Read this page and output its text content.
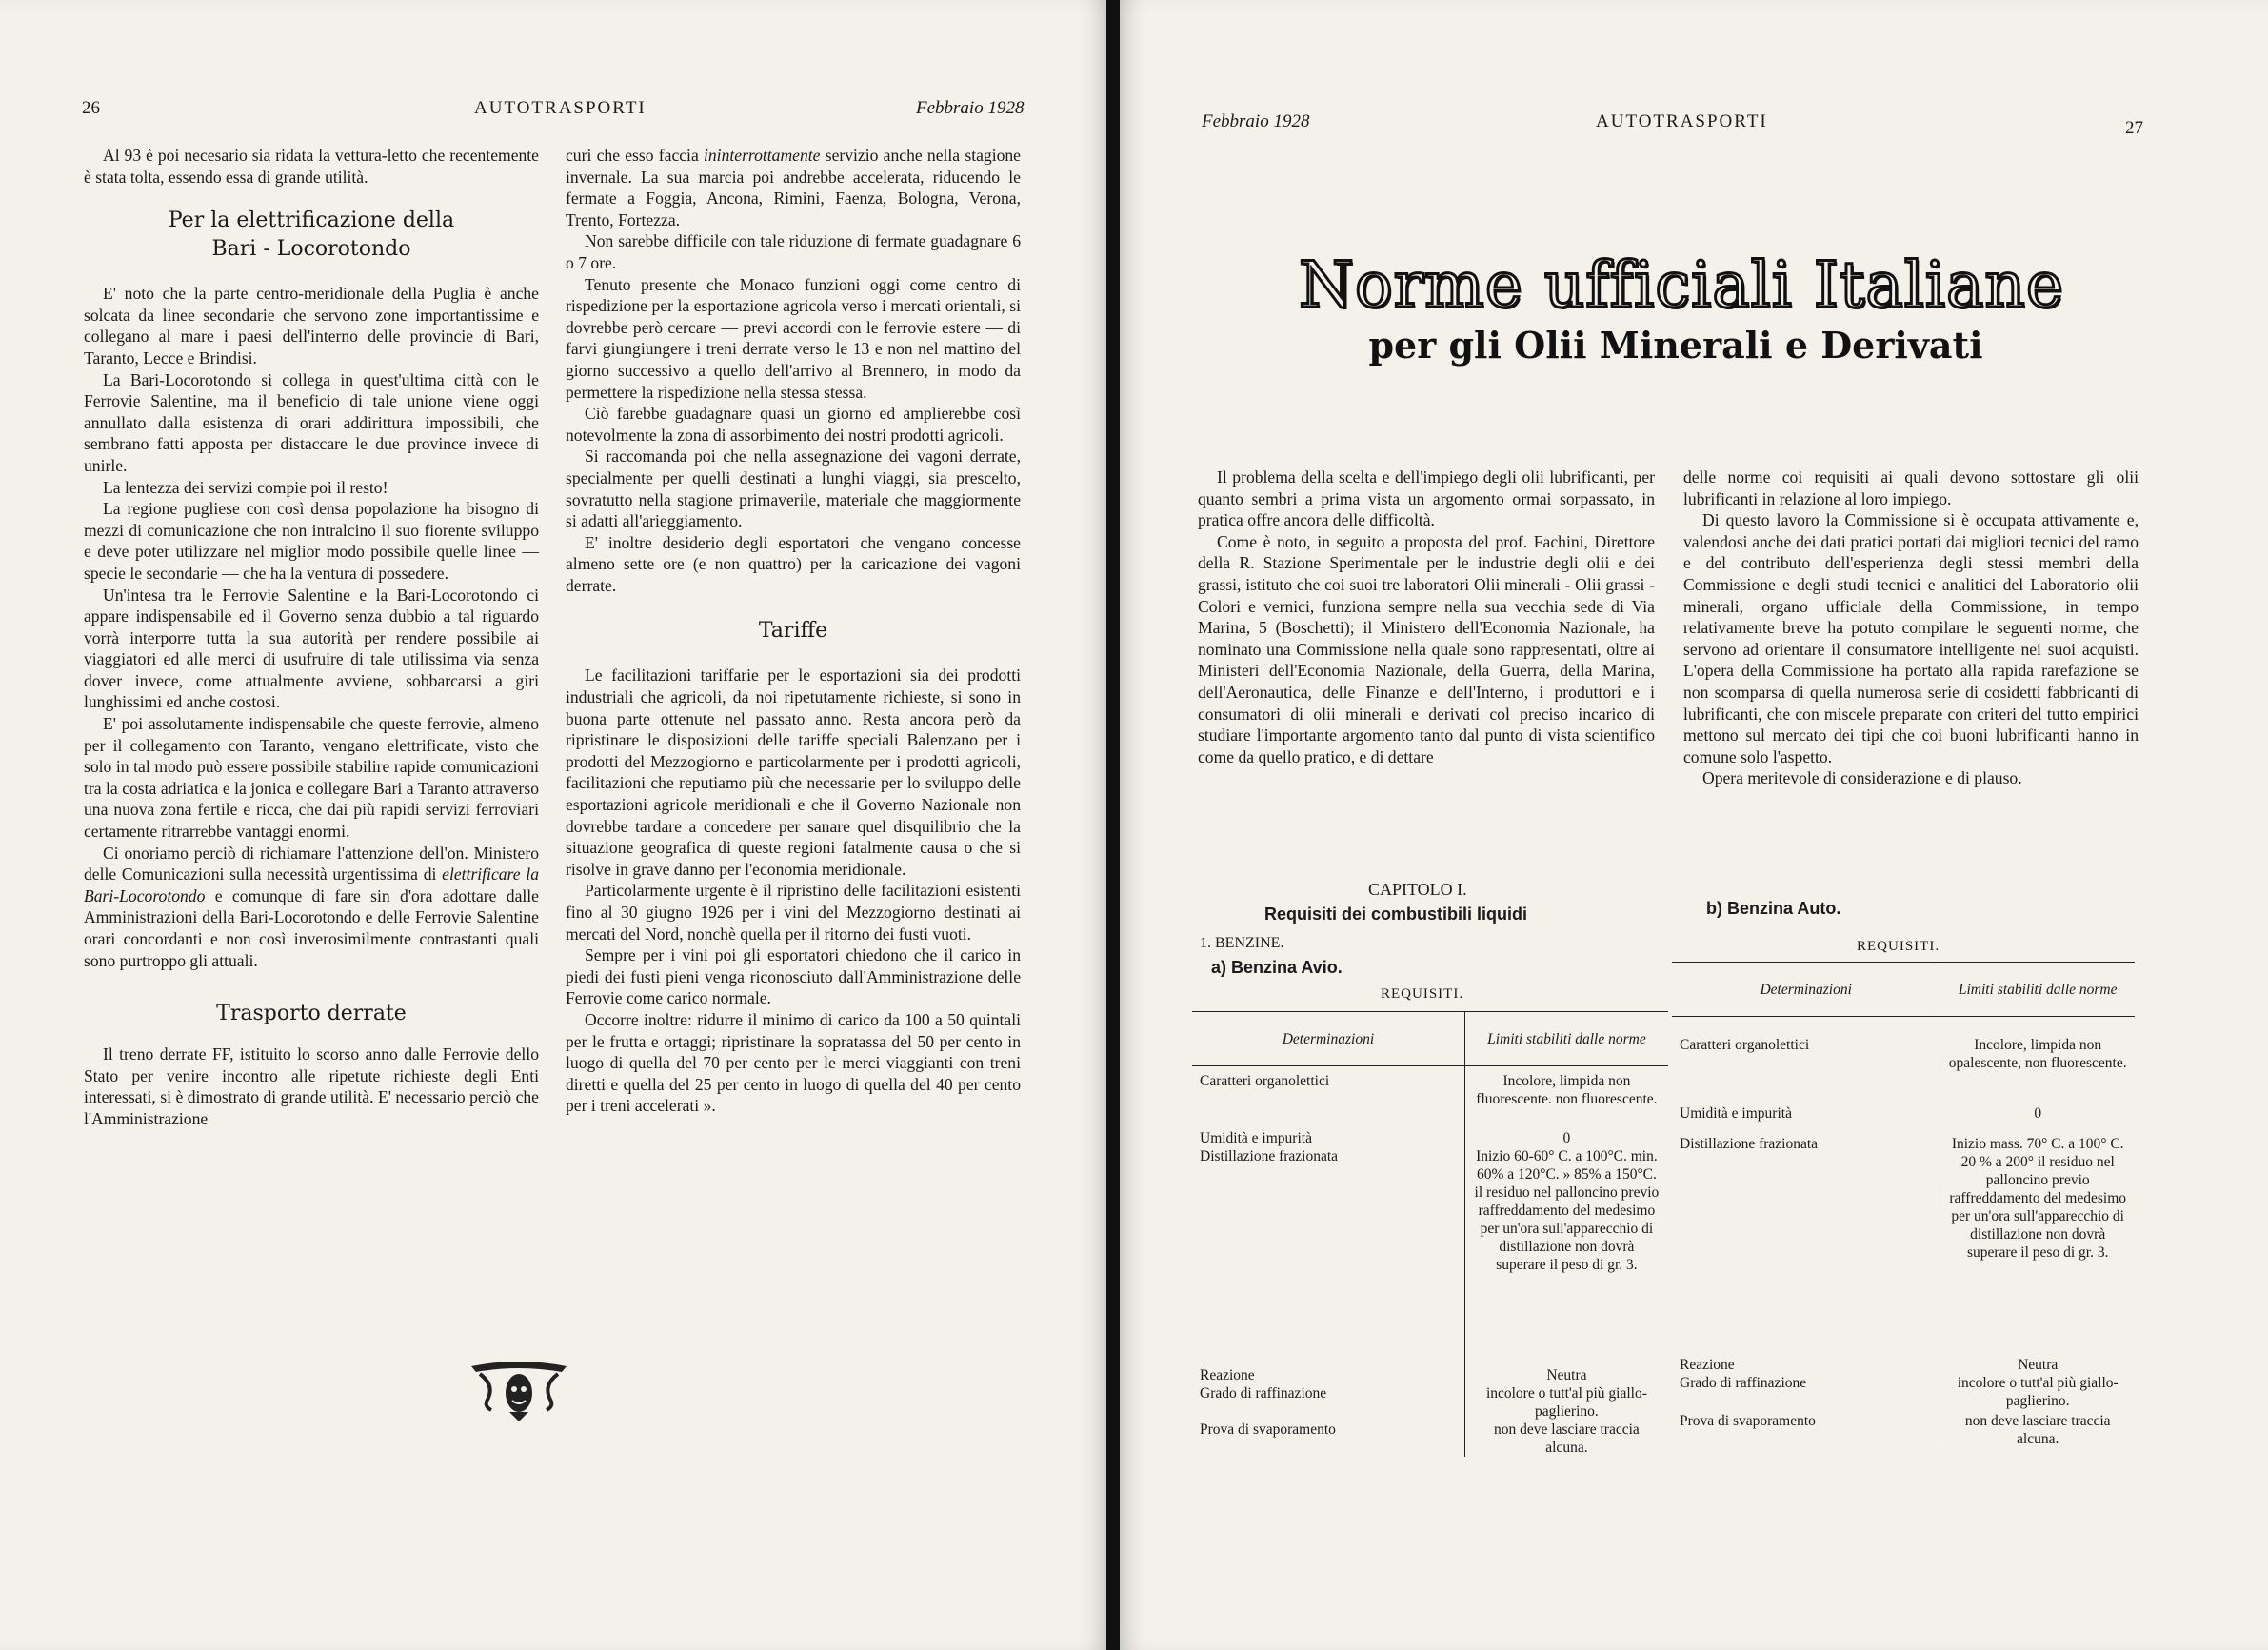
26	AUTOTRASPORTI	Febbraio 1928

Al 93 è poi necesario sia ridata la vettura-letto che recentemente è stata tolta, essendo essa di grande utilità.

Per la elettrificazione della
Bari - Locorotondo

E' noto che la parte centro-meridionale della Puglia è anche solcata da linee secondarie che servono zone importantissime e collegano al mare i paesi dell'interno delle provincie di Bari, Taranto, Lecce e Brindisi.

La Bari-Locorotondo si collega in quest'ultima città con le Ferrovie Salentine, ma il beneficio di tale unione viene oggi annullato dalla esistenza di orari addirittura impossibili, che sembrano fatti apposta per distaccare le due province invece di unirle.

La lentezza dei servizi compie poi il resto!

La regione pugliese con così densa popolazione ha bisogno di mezzi di comunicazione che non intralcino il suo fiorente sviluppo e deve poter utilizzare nel miglior modo possibile quelle linee — specie le secondarie — che ha la ventura di possedere.

Un'intesa tra le Ferrovie Salentine e la Bari-Locorotondo ci appare indispensabile ed il Governo senza dubbio a tal riguardo vorrà interporre tutta la sua autorità per rendere possibile ai viaggiatori ed alle merci di usufruire di tale utilissima via senza dover invece, come attualmente avviene, sobbarcarsi a giri lunghissimi ed anche costosi.

E' poi assolutamente indispensabile che queste ferrovie, almeno per il collegamento con Taranto, vengano elettrificate, visto che solo in tal modo può essere possibile stabilire rapide comunicazioni tra la costa adriatica e la jonica e collegare Bari a Taranto attraverso una nuova zona fertile e ricca, che dai più rapidi servizi ferroviari certamente ritrarrebbe vantaggi enormi.

Ci onoriamo perciò di richiamare l'attenzione dell'on. Ministero delle Comunicazioni sulla necessità urgentissima di elettrificare la Bari-Locorotondo e comunque di fare sin d'ora adottare dalle Amministrazioni della Bari-Locorotondo e delle Ferrovie Salentine orari concordanti e non così inverosimilmente contrastanti quali sono purtroppo gli attuali.

Trasporto derrate

Il treno derrate FF, istituito lo scorso anno dalle Ferrovie dello Stato per venire incontro alle ripetute richieste degli Enti interessati, si è dimostrato di grande utilità. E' necessario perciò che l'Amministrazione

curi che esso faccia ininterrottamente servizio anche nella stagione invernale. La sua marcia poi andrebbe accelerata, riducendo le fermate a Foggia, Ancona, Rimini, Faenza, Bologna, Verona, Trento, Fortezza.

Non sarebbe difficile con tale riduzione di fermate guadagnare 6 o 7 ore.

Tenuto presente che Monaco funzioni oggi come centro di rispedizione per la esportazione agricola verso i mercati orientali, si dovrebbe però cercare — previ accordi con le ferrovie estere — di farvi giungiungere i treni derrate verso le 13 e non nel mattino del giorno successivo a quello dell'arrivo al Brennero, in modo da permettere la rispedizione nella stessa stessa.

Ciò farebbe guadagnare quasi un giorno ed amplierebbe così notevolmente la zona di assorbimento dei nostri prodotti agricoli.

Si raccomanda poi che nella assegnazione dei vagoni derrate, specialmente per quelli destinati a lunghi viaggi, sia prescelto, sovratutto nella stagione primaverile, materiale che maggiormente si adatti all'arieggiamento.

E' inoltre desiderio degli esportatori che vengano concesse almeno sette ore (e non quattro) per la caricazione dei vagoni derrate.

Tariffe

Le facilitazioni tariffarie per le esportazioni sia dei prodotti industriali che agricoli, da noi ripetutamente richieste, si sono in buona parte ottenute nel passato anno. Resta ancora però da ripristinare le disposizioni delle tariffe speciali Balenzano per i prodotti del Mezzogiorno e particolarmente per i prodotti agricoli, facilitazioni che reputiamo più che necessarie per lo sviluppo delle esportazioni agricole meridionali e che il Governo Nazionale non dovrebbe tardare a concedere per sanare quel disquilibrio che la situazione geografica di queste regioni fatalmente causa o che si risolve in grave danno per l'economia meridionale.

Particolarmente urgente è il ripristino delle facilitazioni esistenti fino al 30 giugno 1926 per i vini del Mezzogiorno destinati ai mercati del Nord, nonchè quella per il ritorno dei fusti vuoti.

Sempre per i vini poi gli esportatori chiedono che il carico in piedi dei fusti pieni venga riconosciuto dall'Amministrazione delle Ferrovie come carico normale.

Occorre inoltre: ridurre il minimo di carico da 100 a 50 quintali per le frutta e ortaggi; ripristinare la sopratassa del 50 per cento in luogo di quella del 70 per cento per le merci viaggianti con treni diretti e quella del 25 per cento in luogo di quella del 40 per cento per i treni accelerati ».

Febbraio 1928	AUTOTRASPORTI	27
Norme ufficiali Italiane
per gli Olii Minerali e Derivati

Il problema della scelta e dell'impiego degli olii lubrificanti, per quanto sembri a prima vista un argomento ormai sorpassato, in pratica offre ancora delle difficoltà.

Come è noto, in seguito a proposta del prof. Fachini, Direttore della R. Stazione Sperimentale per le industrie degli olii e dei grassi, istituto che coi suoi tre laboratori Olii minerali - Olii grassi - Colori e vernici, funziona sempre nella sua vecchia sede di Via Marina, 5 (Boschetti); il Ministero dell'Economia Nazionale, ha nominato una Commissione nella quale sono rappresentati, oltre ai Ministeri dell'Economia Nazionale, della Guerra, della Marina, dell'Aeronautica, delle Finanze e dell'Interno, i produttori e i consumatori di olii minerali e derivati col preciso incarico di studiare l'importante argomento tanto dal punto di vista scientifico come da quello pratico, e di dettare

delle norme coi requisiti ai quali devono sottostare gli olii lubrificanti in relazione al loro impiego.

Di questo lavoro la Commissione si è occupata attivamente e, valendosi anche dei dati pratici portati dai migliori tecnici del ramo e del contributo dell'esperienza degli stessi membri della Commissione e degli studi tecnici e analitici del Laboratorio olii minerali, organo ufficiale della Commissione, in tempo relativamente breve ha potuto compilare le seguenti norme, che servono ad orientare il consumatore intelligente nei suoi acquisti. L'opera della Commissione ha portato alla rapida rarefazione se non scomparsa di quella numerosa serie di cosidetti fabbricanti di lubrificanti, che con miscele preparate con criteri del tutto empirici mettono sul mercato dei tipi che coi buoni lubrificanti hanno in comune solo l'aspetto.

Opera meritevole di considerazione e di plauso.

CAPITOLO I.
Requisiti dei combustibili liquidi
1. BENZINE.
a) Benzina Avio.
REQUISITI.
Determinazioni	Limiti stabiliti dalle norme
Caratteri organolettici	Incolore, limpida non fluorescente. non fluorescente.
Umidità e impurità	0
Distillazione frazionata	Inizio 60-60° C. a 100°C. min. 60% a 120°C. » 85% a 150°C. il residuo nel palloncino previo raffreddamento del medesimo per un'ora sull'apparecchio di distillazione non dovrà superare il peso di gr. 3.
Reazione	Neutra
Grado di raffinazione	incolore o tutt'al più giallo-paglierino.
Prova di svaporamento	non deve lasciare traccia alcuna.
b) Benzina Auto.
REQUISITI.
Determinazioni	Limiti stabiliti dalle norme
Caratteri organolettici	Incolore, limpida non opalescente, non fluorescente.
Umidità e impurità	0
Distillazione frazionata	Inizio mass. 70° C. a 100° C. 20 % a 200° il residuo nel palloncino previo raffreddamento del medesimo per un'ora sull'apparecchio di distillazione non dovrà superare il peso di gr. 3.
Reazione	Neutra
Grado di raffinazione	incolore o tutt'al più giallo-paglierino.
Prova di svaporamento	non deve lasciare traccia alcuna.
